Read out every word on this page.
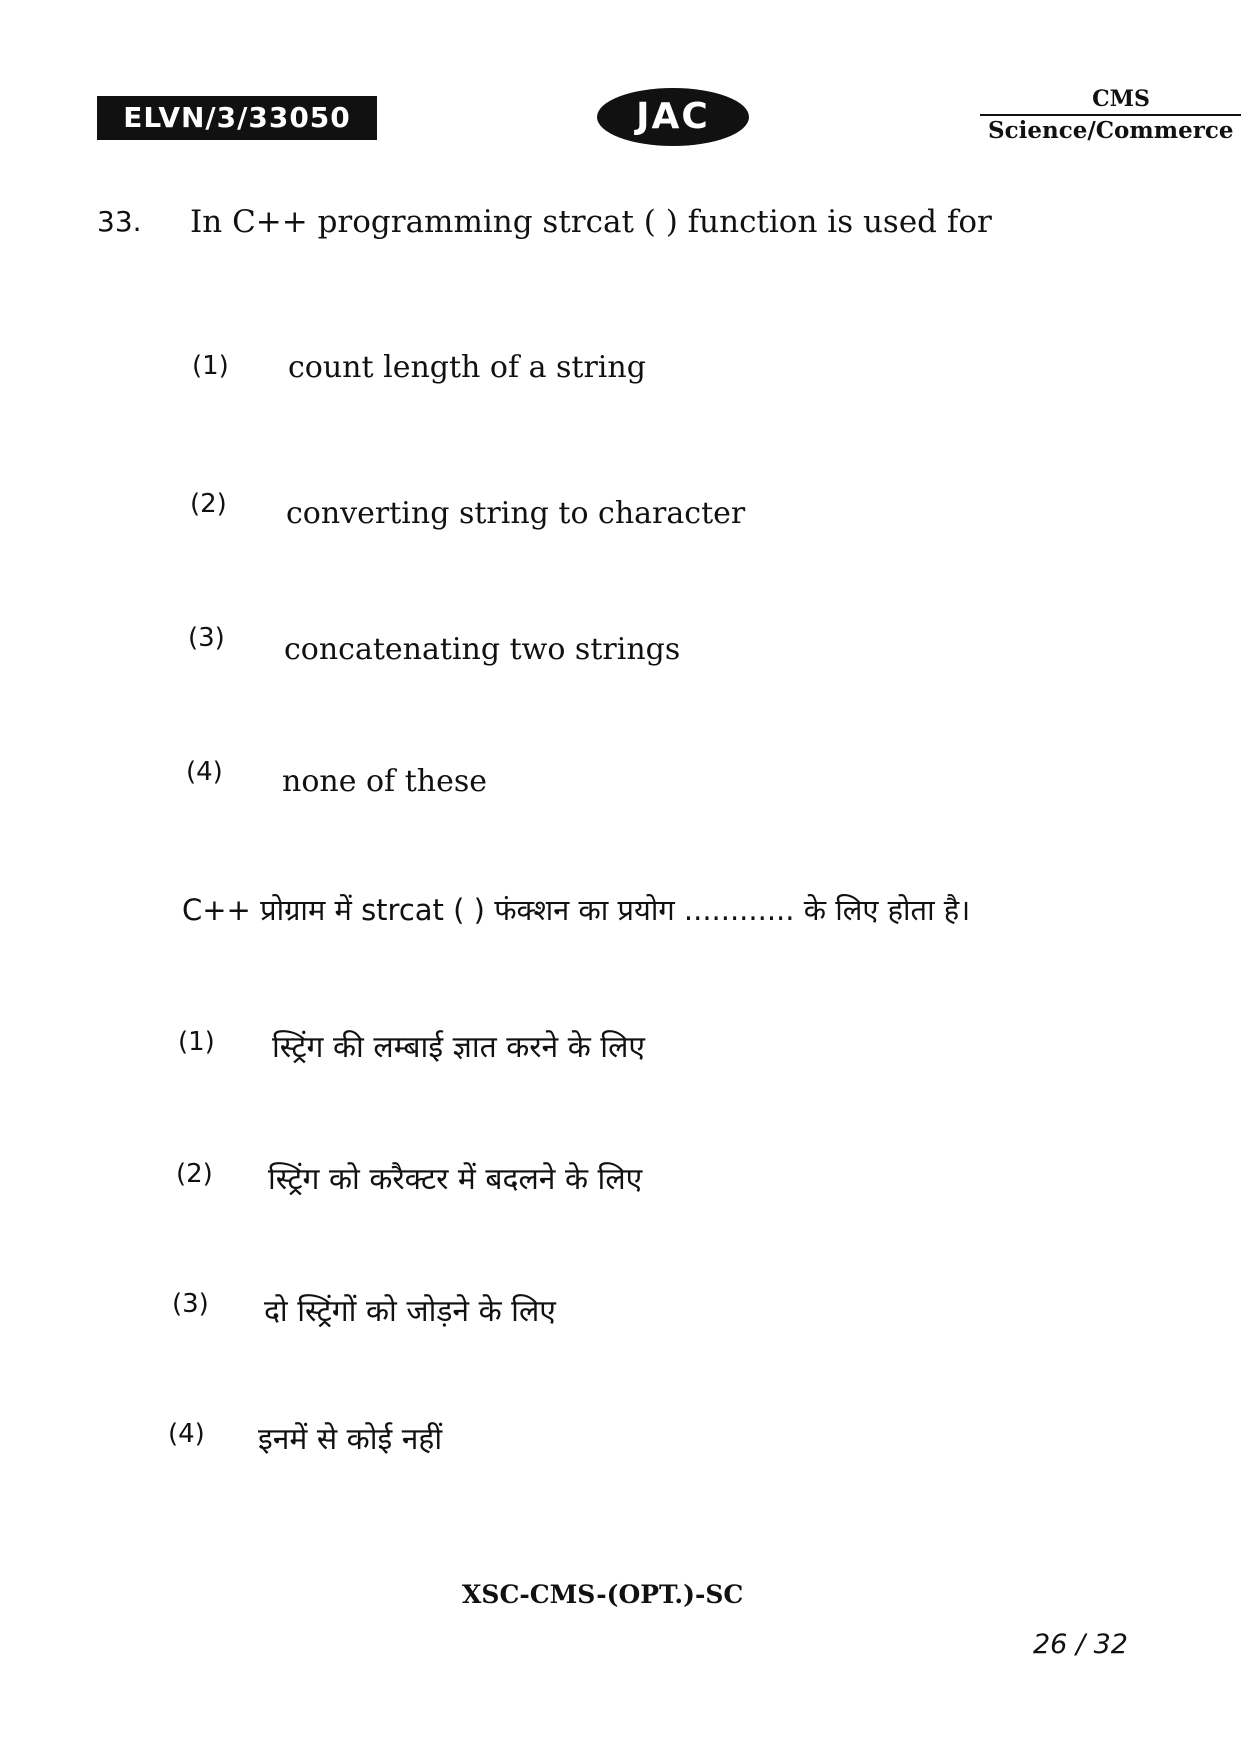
ELVN/3/33050	JAC	CMS
Science/Commerce
33. In C++ programming strcat ( ) function is used for
(1) count length of a string
(2) converting string to character
(3) concatenating two strings
(4) none of these
C++ प्रोग्राम में strcat ( ) फंक्शन का प्रयोग ............ के लिए होता है।
(1) स्ट्रिंग की लम्बाई ज्ञात करने के लिए
(2) स्ट्रिंग को करैक्टर में बदलने के लिए
(3) दो स्ट्रिंगों को जोड़ने के लिए
(4) इनमें से कोई नहीं
XSC-CMS-(OPT.)-SC
26 / 32
